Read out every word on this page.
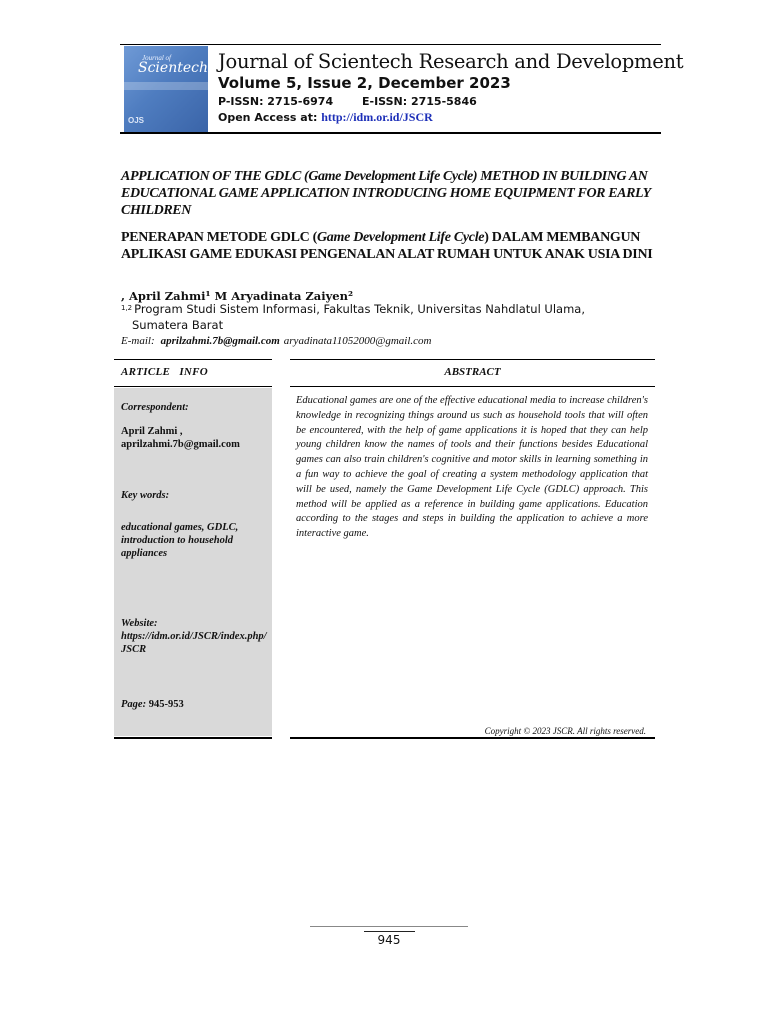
Journal of
Scientech
OJS
Journal of Scientech Research and Development
Volume 5, Issue 2, December 2023
P-ISSN: 2715-6974	E-ISSN: 2715-5846
Open Access at: http://idm.or.id/JSCR
APPLICATION OF THE GDLC (Game Development Life Cycle) METHOD IN BUILDING AN EDUCATIONAL GAME APPLICATION INTRODUCING HOME EQUIPMENT FOR EARLY CHILDREN
PENERAPAN METODE GDLC (Game Development Life Cycle) DALAM MEMBANGUN APLIKASI GAME EDUKASI PENGENALAN ALAT RUMAH UNTUK ANAK USIA DINI
, April Zahmi¹ M Aryadinata Zaiyen²
$^{1,2}$ Program Studi Sistem Informasi, Fakultas Teknik, Universitas Nahdlatul Ulama,
Sumatera Barat
E-mail: aprilzahmi.7b@gmail.com aryadinata11052000@gmail.com
ARTICLE   INFO
Correspondent:
April Zahmi , aprilzahmi.7b@gmail.com
Key words:
educational games, GDLC, introduction to household appliances
Website:
https://idm.or.id/JSCR/index.php/JSCR
Page: 945-953
ABSTRACT
Educational games are one of the effective educational media to increase children's knowledge in recognizing things around us such as household tools that will often be encountered, with the help of game applications it is hoped that they can help young children know the names of tools and their functions besides Educational games can also train children's cognitive and motor skills in learning something in a fun way to achieve the goal of creating a system methodology application that will be used, namely the Game Development Life Cycle (GDLC) approach. This method will be applied as a reference in building game applications. Education according to the stages and steps in building the application to achieve a more interactive game.
Copyright © 2023 JSCR. All rights reserved.
945
